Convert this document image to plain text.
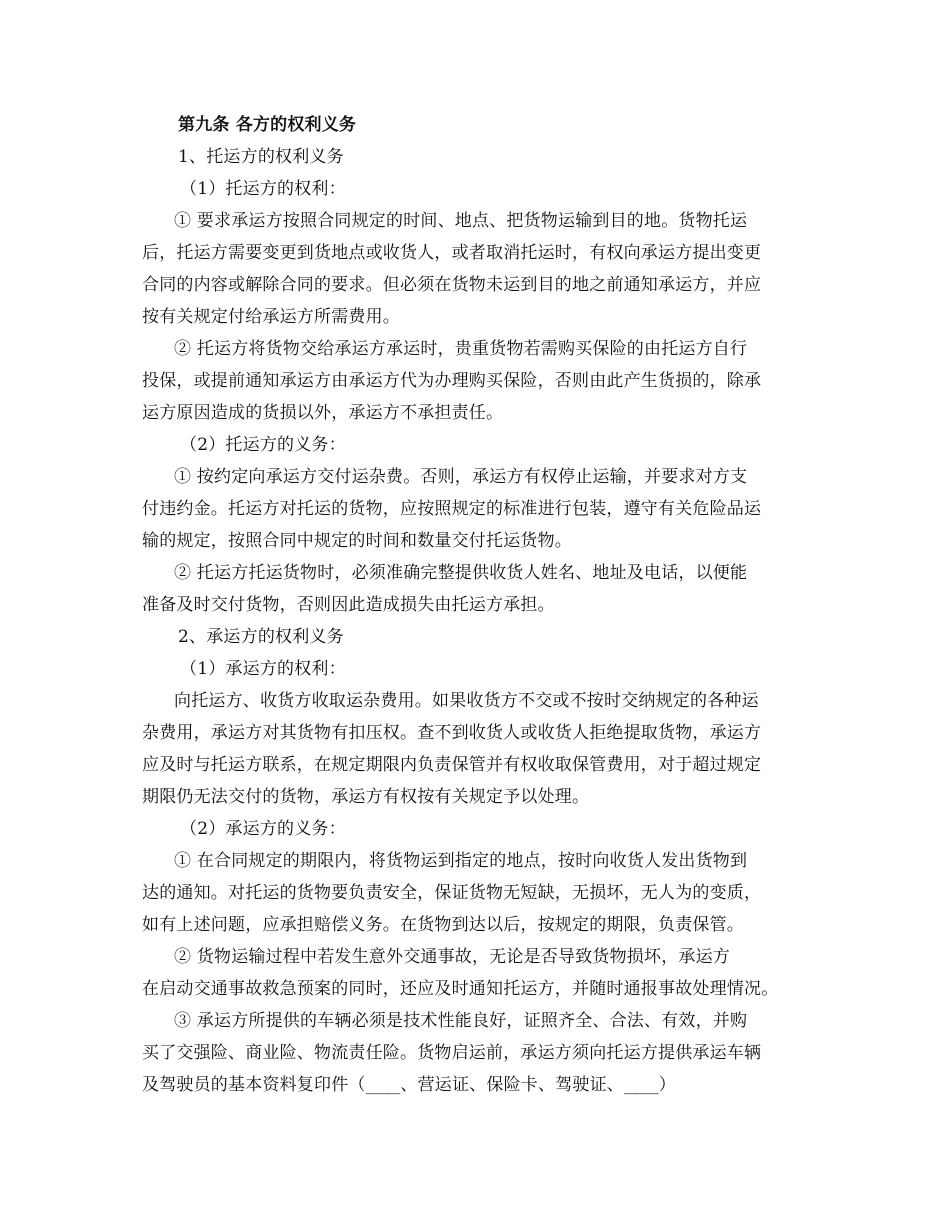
第九条 各方的权利义务
1、托运方的权利义务
（1）托运方的权利：
① 要求承运方按照合同规定的时间、地点、把货物运输到目的地。货物托运
后，托运方需要变更到货地点或收货人，或者取消托运时，有权向承运方提出变更
合同的内容或解除合同的要求。但必须在货物未运到目的地之前通知承运方，并应
按有关规定付给承运方所需费用。
② 托运方将货物交给承运方承运时，贵重货物若需购买保险的由托运方自行
投保，或提前通知承运方由承运方代为办理购买保险，否则由此产生货损的，除承
运方原因造成的货损以外，承运方不承担责任。
（2）托运方的义务：
① 按约定向承运方交付运杂费。否则，承运方有权停止运输，并要求对方支
付违约金。托运方对托运的货物，应按照规定的标准进行包装，遵守有关危险品运
输的规定，按照合同中规定的时间和数量交付托运货物。
② 托运方托运货物时，必须准确完整提供收货人姓名、地址及电话，以便能
准备及时交付货物，否则因此造成损失由托运方承担。
2、承运方的权利义务
（1）承运方的权利：
向托运方、收货方收取运杂费用。如果收货方不交或不按时交纳规定的各种运
杂费用，承运方对其货物有扣压权。查不到收货人或收货人拒绝提取货物，承运方
应及时与托运方联系，在规定期限内负责保管并有权收取保管费用，对于超过规定
期限仍无法交付的货物，承运方有权按有关规定予以处理。
（2）承运方的义务：
① 在合同规定的期限内，将货物运到指定的地点，按时向收货人发出货物到
达的通知。对托运的货物要负责安全，保证货物无短缺，无损坏，无人为的变质，
如有上述问题，应承担赔偿义务。在货物到达以后，按规定的期限，负责保管。
② 货物运输过程中若发生意外交通事故，无论是否导致货物损坏，承运方
在启动交通事故救急预案的同时，还应及时通知托运方，并随时通报事故处理情况。
③ 承运方所提供的车辆必须是技术性能良好，证照齐全、合法、有效，并购
买了交强险、商业险、物流责任险。货物启运前，承运方须向托运方提供承运车辆
及驾驶员的基本资料复印件（____、营运证、保险卡、驾驶证、____）
